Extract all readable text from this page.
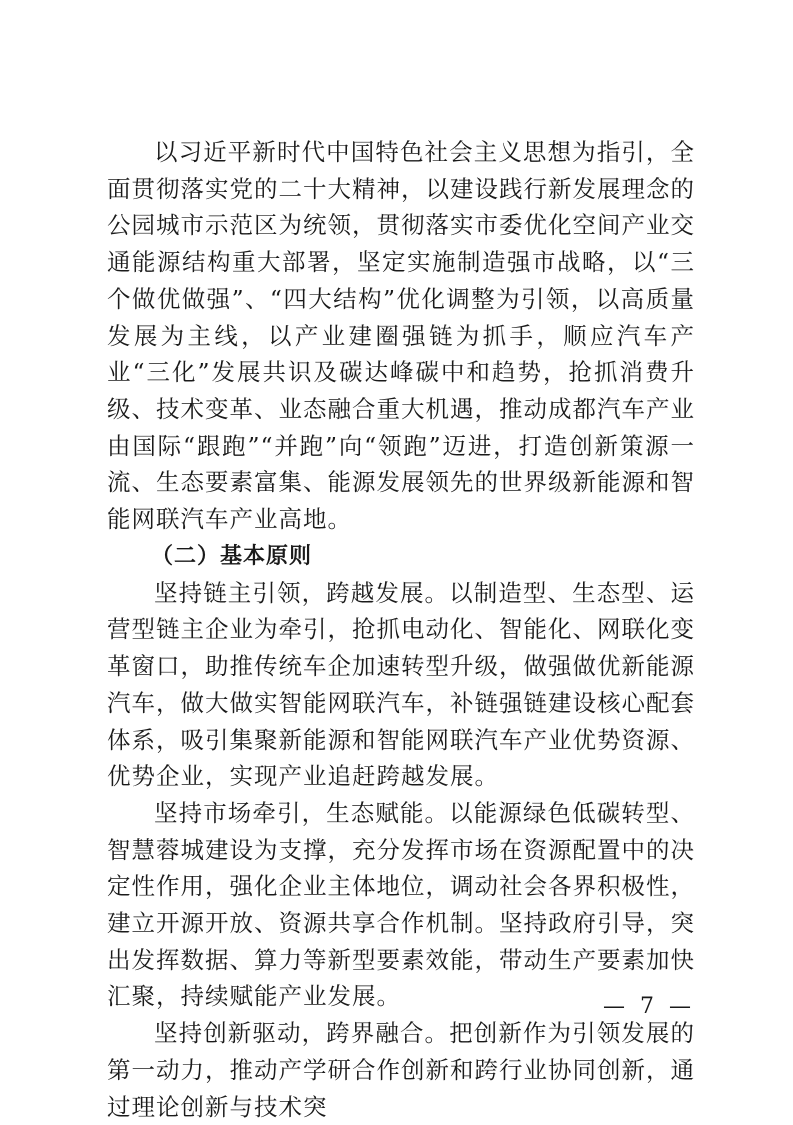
以习近平新时代中国特色社会主义思想为指引，全面贯彻落实党的二十大精神，以建设践行新发展理念的公园城市示范区为统领，贯彻落实市委优化空间产业交通能源结构重大部署，坚定实施制造强市战略，以“三个做优做强”、“四大结构”优化调整为引领，以高质量发展为主线，以产业建圈强链为抓手，顺应汽车产业“三化”发展共识及碳达峰碳中和趋势，抢抓消费升级、技术变革、业态融合重大机遇，推动成都汽车产业由国际“跟跑”“并跑”向“领跑”迈进，打造创新策源一流、生态要素富集、能源发展领先的世界级新能源和智能网联汽车产业高地。

（二）基本原则

坚持链主引领，跨越发展。以制造型、生态型、运营型链主企业为牵引，抢抓电动化、智能化、网联化变革窗口，助推传统车企加速转型升级，做强做优新能源汽车，做大做实智能网联汽车，补链强链建设核心配套体系，吸引集聚新能源和智能网联汽车产业优势资源、优势企业，实现产业追赶跨越发展。

坚持市场牵引，生态赋能。以能源绿色低碳转型、智慧蓉城建设为支撑，充分发挥市场在资源配置中的决定性作用，强化企业主体地位，调动社会各界积极性，建立开源开放、资源共享合作机制。坚持政府引导，突出发挥数据、算力等新型要素效能，带动生产要素加快汇聚，持续赋能产业发展。

坚持创新驱动，跨界融合。把创新作为引领发展的第一动力，推动产学研合作创新和跨行业协同创新，通过理论创新与技术突

— 7 —
